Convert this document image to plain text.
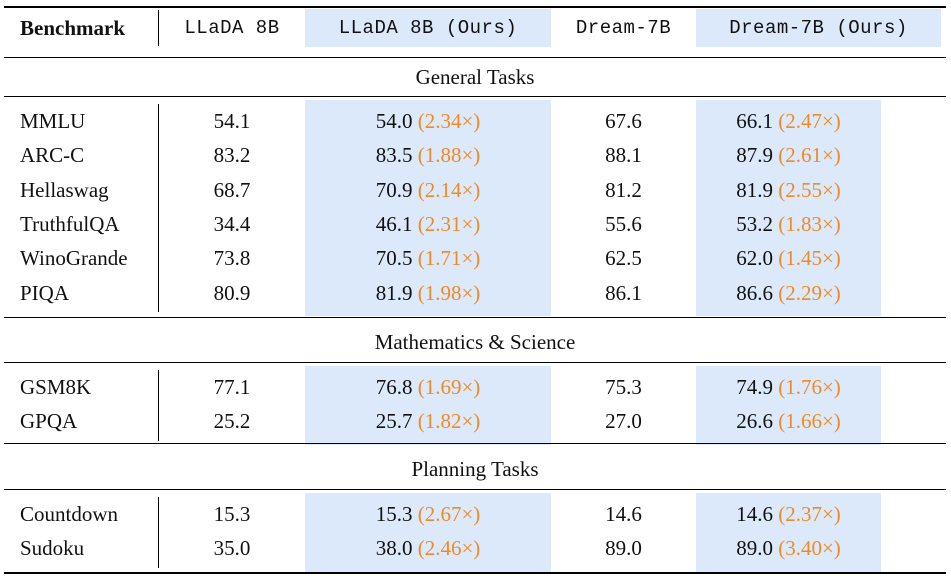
Benchmark	LLaDA 8B	LLaDA 8B (Ours)	Dream-7B	Dream-7B (Ours)
General Tasks
MMLU	54.1	54.0 (2.34×)	67.6	66.1 (2.47×)
ARC-C	83.2	83.5 (1.88×)	88.1	87.9 (2.61×)
Hellaswag	68.7	70.9 (2.14×)	81.2	81.9 (2.55×)
TruthfulQA	34.4	46.1 (2.31×)	55.6	53.2 (1.83×)
WinoGrande	73.8	70.5 (1.71×)	62.5	62.0 (1.45×)
PIQA	80.9	81.9 (1.98×)	86.1	86.6 (2.29×)
Mathematics & Science
GSM8K	77.1	76.8 (1.69×)	75.3	74.9 (1.76×)
GPQA	25.2	25.7 (1.82×)	27.0	26.6 (1.66×)
Planning Tasks
Countdown	15.3	15.3 (2.67×)	14.6	14.6 (2.37×)
Sudoku	35.0	38.0 (2.46×)	89.0	89.0 (3.40×)
